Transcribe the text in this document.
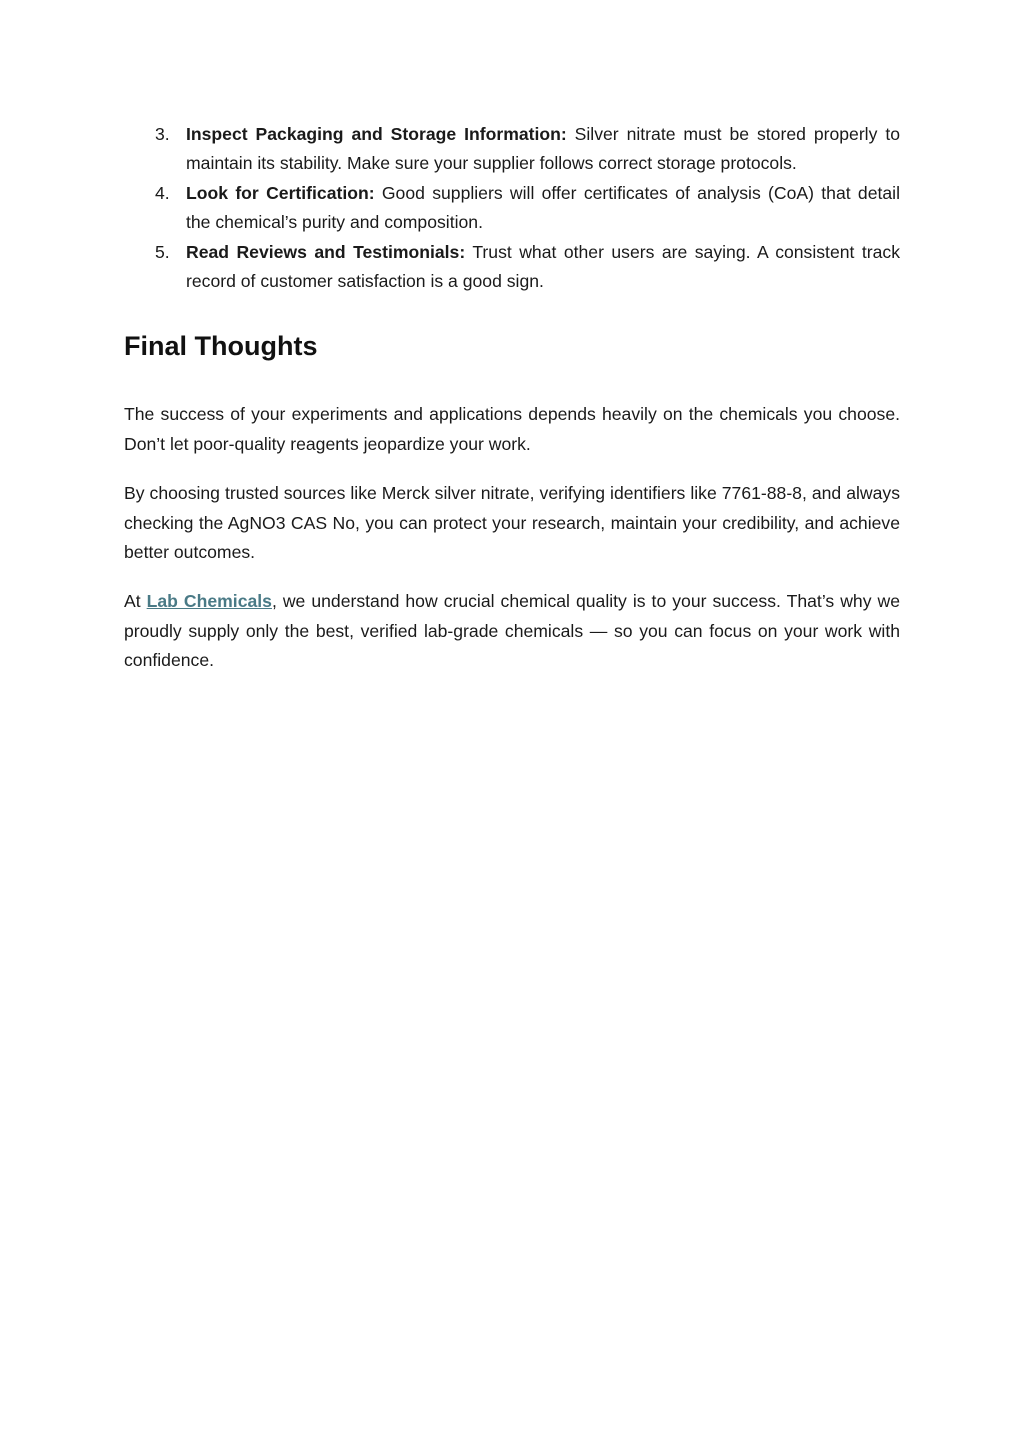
3. Inspect Packaging and Storage Information: Silver nitrate must be stored properly to maintain its stability. Make sure your supplier follows correct storage protocols.
4. Look for Certification: Good suppliers will offer certificates of analysis (CoA) that detail the chemical’s purity and composition.
5. Read Reviews and Testimonials: Trust what other users are saying. A consistent track record of customer satisfaction is a good sign.
Final Thoughts

The success of your experiments and applications depends heavily on the chemicals you choose. Don’t let poor-quality reagents jeopardize your work.

By choosing trusted sources like Merck silver nitrate, verifying identifiers like 7761-88-8, and always checking the AgNO3 CAS No, you can protect your research, maintain your credibility, and achieve better outcomes.

At Lab Chemicals, we understand how crucial chemical quality is to your success. That’s why we proudly supply only the best, verified lab-grade chemicals — so you can focus on your work with confidence.
